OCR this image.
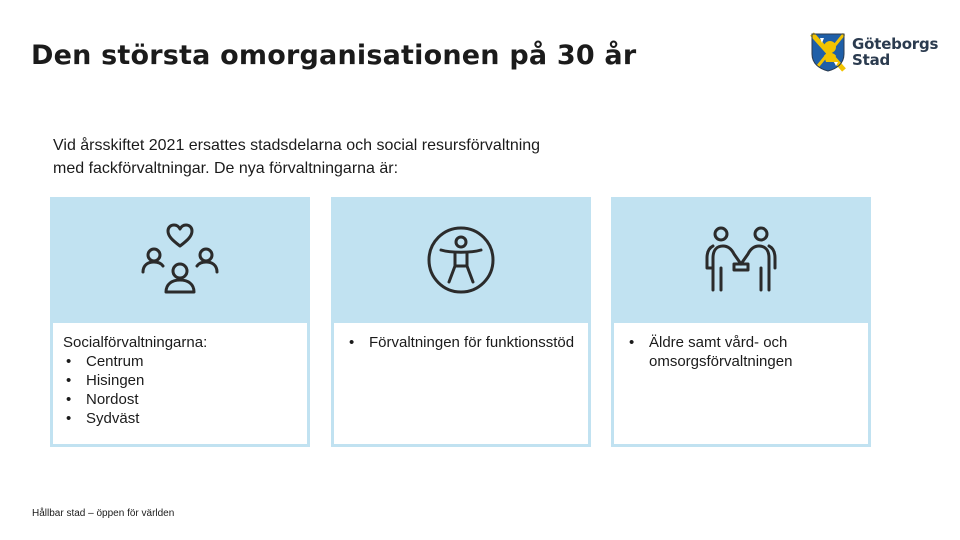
Den största omorganisationen på 30 år	Göteborgs
Stad

Vid årsskiftet 2021 ersattes stadsdelarna och social resursförvaltning
med fackförvaltningar. De nya förvaltningarna är:

Socialförvaltningarna:
• Centrum
• Hisingen
• Nordost
• Sydväst
• Förvaltningen för funktionsstöd
•	Äldre samt vård- och omsorgsförvaltningen
Hållbar stad – öppen för världen
